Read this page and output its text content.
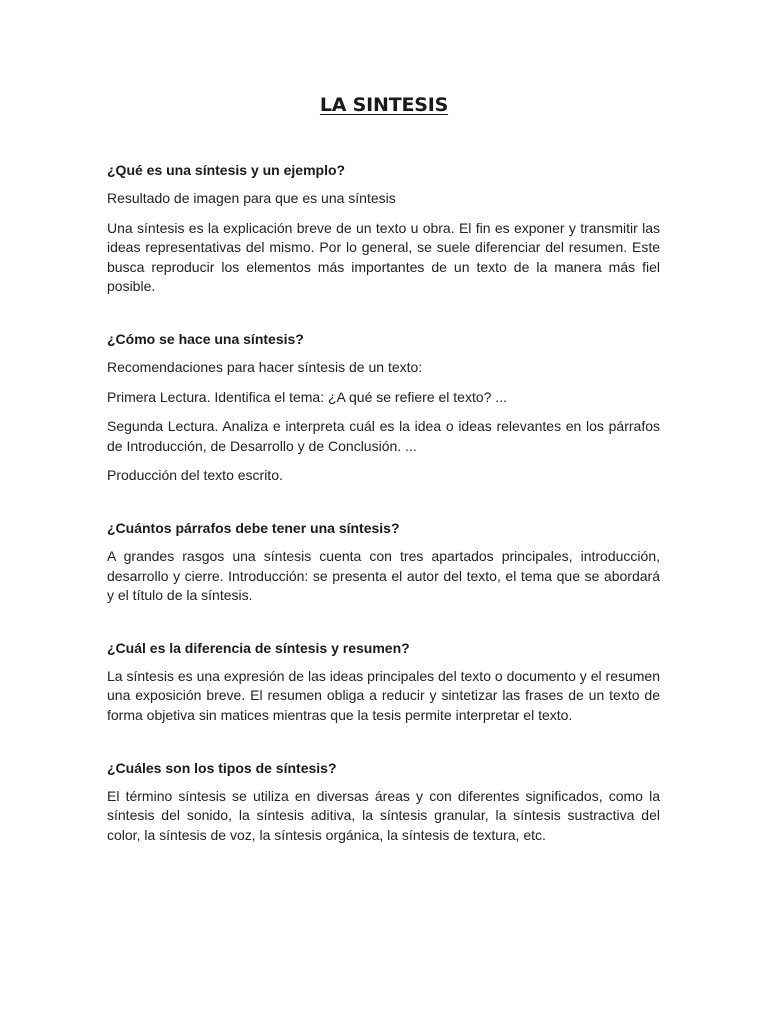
LA SINTESIS
¿Qué es una síntesis y un ejemplo?

Resultado de imagen para que es una síntesis

Una síntesis es la explicación breve de un texto u obra. El fin es exponer y transmitir las ideas representativas del mismo. Por lo general, se suele diferenciar del resumen. Este busca reproducir los elementos más importantes de un texto de la manera más fiel posible.

¿Cómo se hace una síntesis?

Recomendaciones para hacer síntesis de un texto:

Primera Lectura. Identifica el tema: ¿A qué se refiere el texto? ...

Segunda Lectura. Analiza e interpreta cuál es la idea o ideas relevantes en los párrafos de Introducción, de Desarrollo y de Conclusión. ...

Producción del texto escrito.

¿Cuántos párrafos debe tener una síntesis?

A grandes rasgos una síntesis cuenta con tres apartados principales, introducción, desarrollo y cierre. Introducción: se presenta el autor del texto, el tema que se abordará y el título de la síntesis.

¿Cuál es la diferencia de síntesis y resumen?

La síntesis es una expresión de las ideas principales del texto o documento y el resumen una exposición breve. El resumen obliga a reducir y sintetizar las frases de un texto de forma objetiva sin matices mientras que la tesis permite interpretar el texto.

¿Cuáles son los tipos de síntesis?

El término síntesis se utiliza en diversas áreas y con diferentes significados, como la síntesis del sonido, la síntesis aditiva, la síntesis granular, la síntesis sustractiva del color, la síntesis de voz, la síntesis orgánica, la síntesis de textura, etc.
